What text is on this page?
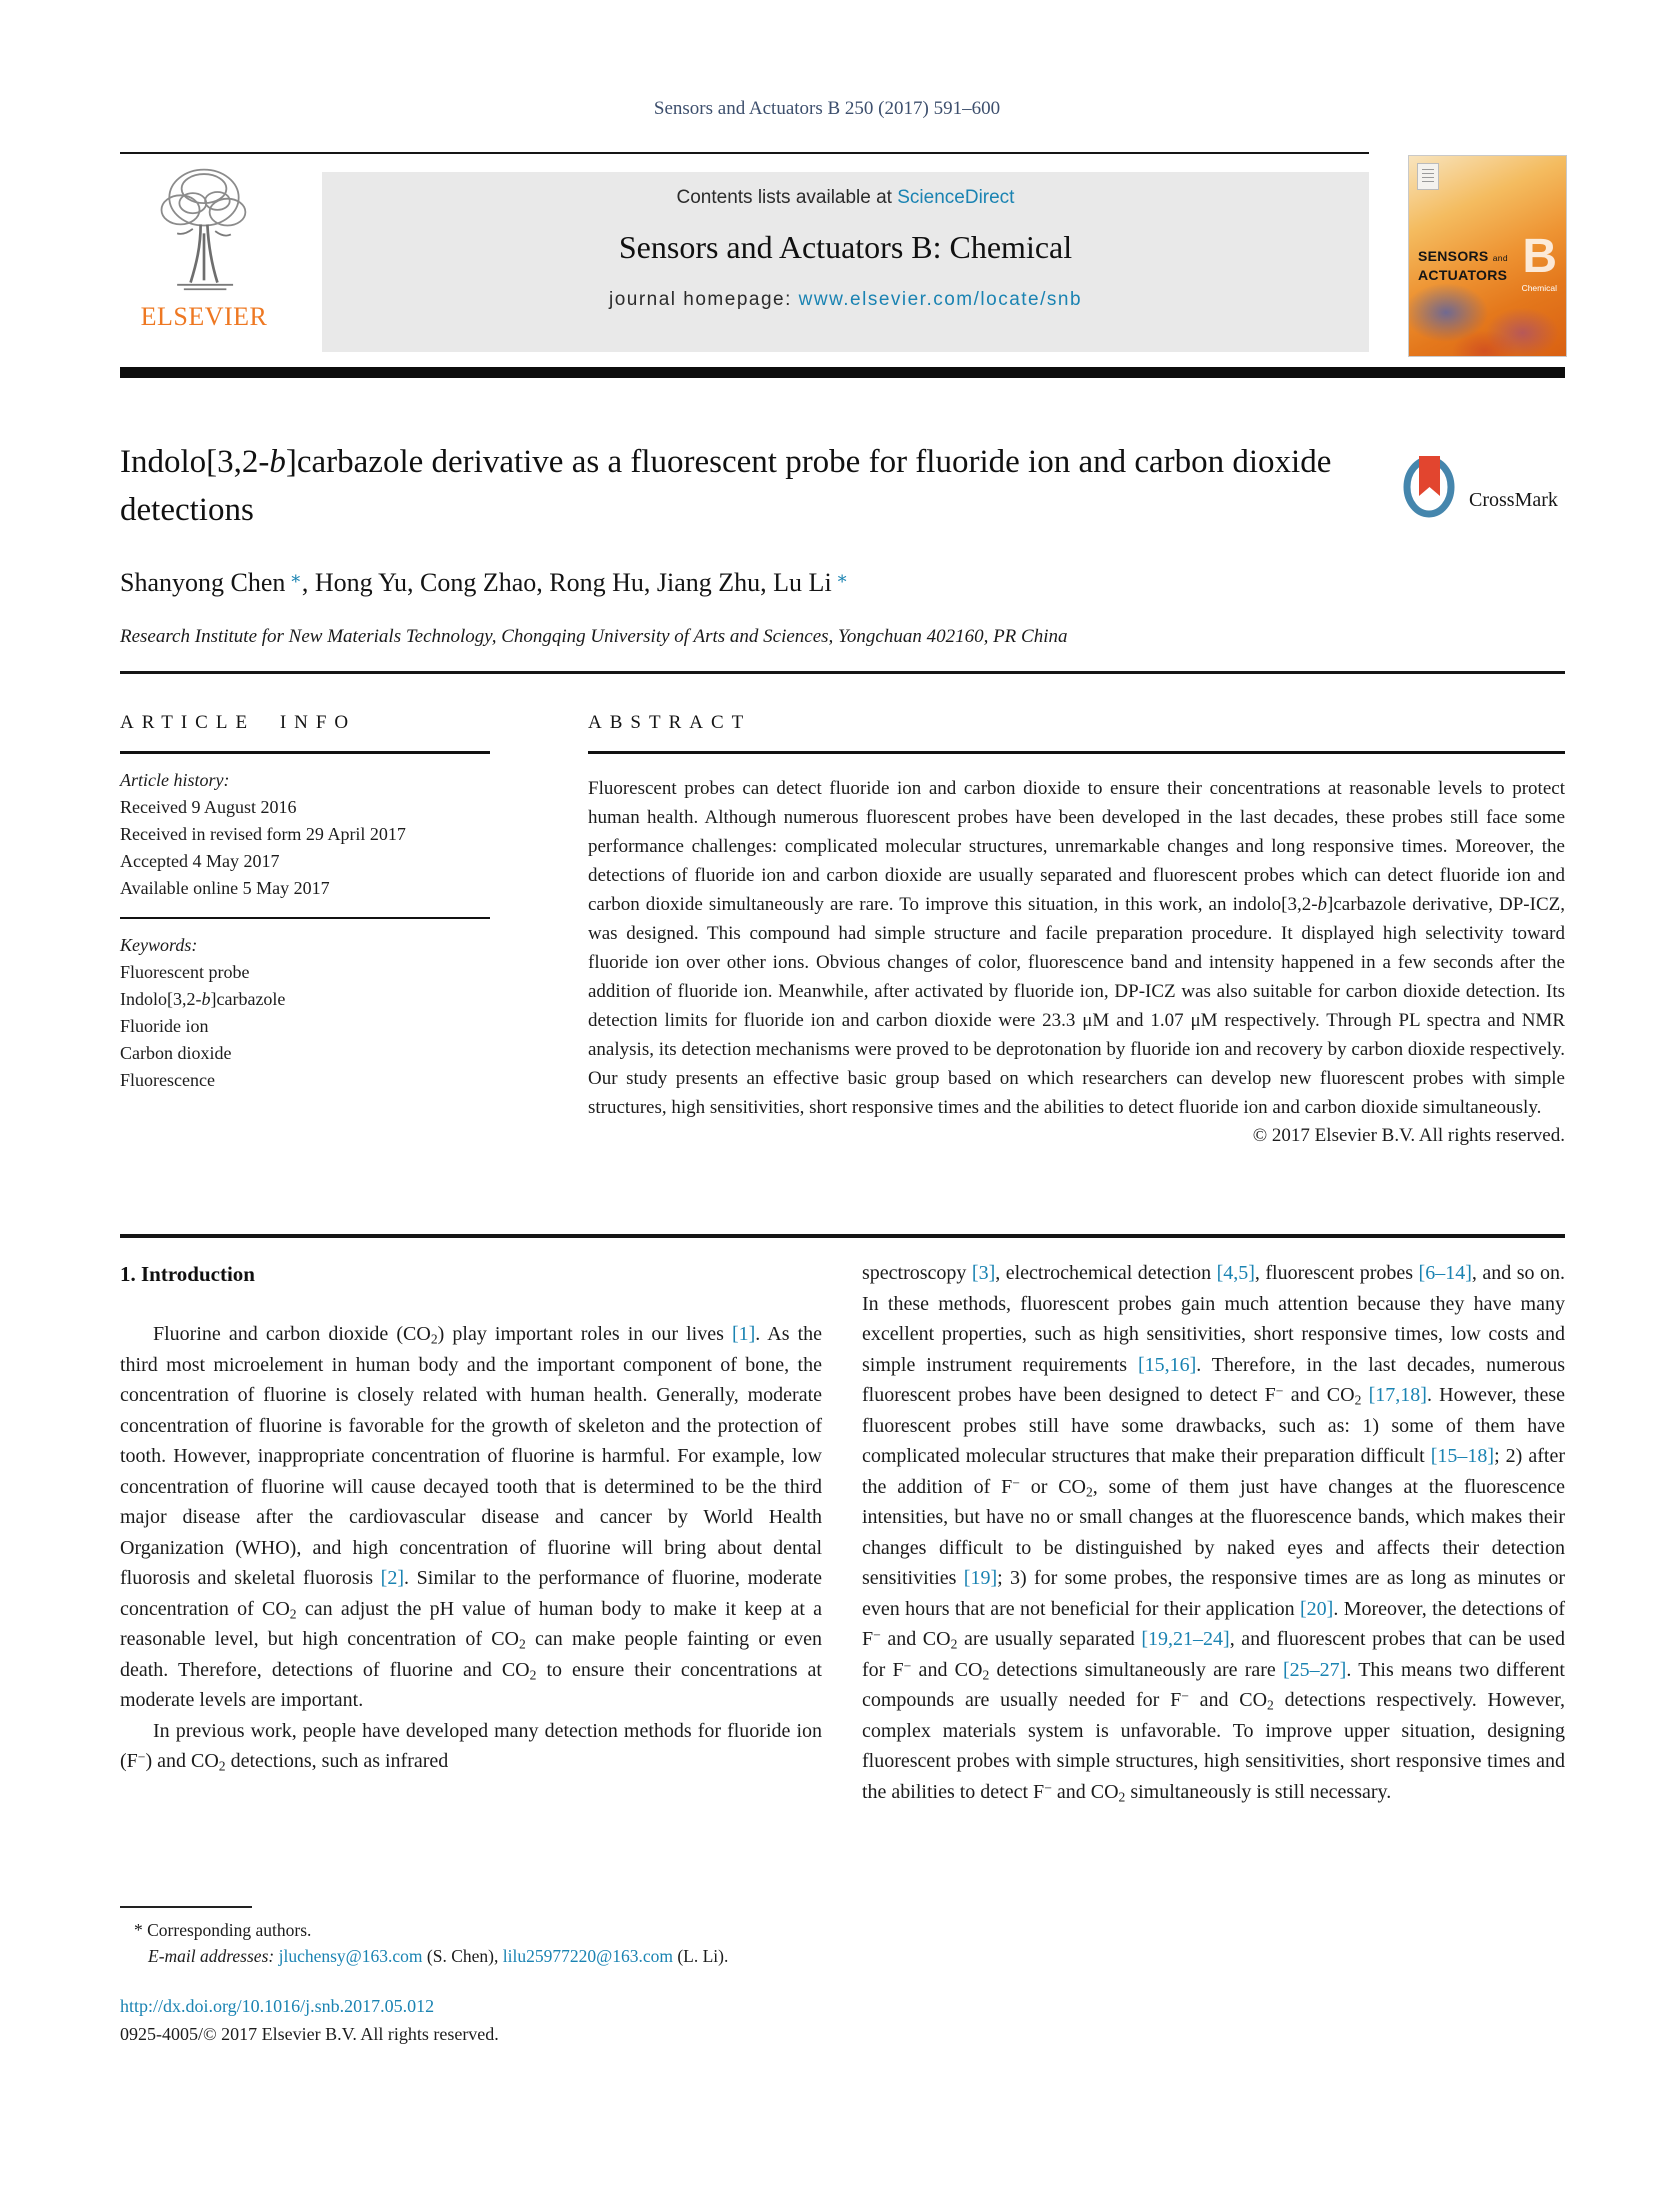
Sensors and Actuators B 250 (2017) 591–600
ELSEVIER
Contents lists available at ScienceDirect
Sensors and Actuators B: Chemical
journal homepage: www.elsevier.com/locate/snb
SENSORS and
ACTUATORS B
Chemical
Indolo[3,2-b]carbazole derivative as a fluorescent probe for fluoride ion and carbon dioxide detections	CrossMark
Shanyong Chen ∗, Hong Yu, Cong Zhao, Rong Hu, Jiang Zhu, Lu Li ∗
Research Institute for New Materials Technology, Chongqing University of Arts and Sciences, Yongchuan 402160, PR China
ARTICLE INFO
Article history:
Received 9 August 2016
Received in revised form 29 April 2017
Accepted 4 May 2017
Available online 5 May 2017
Keywords:
Fluorescent probe
Indolo[3,2-b]carbazole
Fluoride ion
Carbon dioxide
Fluorescence
ABSTRACT

Fluorescent probes can detect fluoride ion and carbon dioxide to ensure their concentrations at reasonable levels to protect human health. Although numerous fluorescent probes have been developed in the last decades, these probes still face some performance challenges: complicated molecular structures, unremarkable changes and long responsive times. Moreover, the detections of fluoride ion and carbon dioxide are usually separated and fluorescent probes which can detect fluoride ion and carbon dioxide simultaneously are rare. To improve this situation, in this work, an indolo[3,2-b]carbazole derivative, DP-ICZ, was designed. This compound had simple structure and facile preparation procedure. It displayed high selectivity toward fluoride ion over other ions. Obvious changes of color, fluorescence band and intensity happened in a few seconds after the addition of fluoride ion. Meanwhile, after activated by fluoride ion, DP-ICZ was also suitable for carbon dioxide detection. Its detection limits for fluoride ion and carbon dioxide were 23.3 μM and 1.07 μM respectively. Through PL spectra and NMR analysis, its detection mechanisms were proved to be deprotonation by fluoride ion and recovery by carbon dioxide respectively. Our study presents an effective basic group based on which researchers can develop new fluorescent probes with simple structures, high sensitivities, short responsive times and the abilities to detect fluoride ion and carbon dioxide simultaneously.

© 2017 Elsevier B.V. All rights reserved.
1. Introduction

Fluorine and carbon dioxide $(CO_2)$ play important roles in our lives [1]. As the third most microelement in human body and the important component of bone, the concentration of fluorine is closely related with human health. Generally, moderate concentration of fluorine is favorable for the growth of skeleton and the protection of tooth. However, inappropriate concentration of fluorine is harmful. For example, low concentration of fluorine will cause decayed tooth that is determined to be the third major disease after the cardiovascular disease and cancer by World Health Organization (WHO), and high concentration of fluorine will bring about dental fluorosis and skeletal fluorosis [2]. Similar to the performance of fluorine, moderate concentration of $CO_2$ can adjust the pH value of human body to make it keep at a reasonable level, but high concentration of $CO_2$ can make people fainting or even death. Therefore, detections of fluorine and $CO_2$ to ensure their concentrations at moderate levels are important.

In previous work, people have developed many detection methods for fluoride ion (F−) and $CO_2$ detections, such as infrared

spectroscopy [3], electrochemical detection [4,5], fluorescent probes [6–14], and so on. In these methods, fluorescent probes gain much attention because they have many excellent properties, such as high sensitivities, short responsive times, low costs and simple instrument requirements [15,16]. Therefore, in the last decades, numerous fluorescent probes have been designed to detect F− and $CO_2$ [17,18]. However, these fluorescent probes still have some drawbacks, such as: 1) some of them have complicated molecular structures that make their preparation difficult [15–18]; 2) after the addition of F− or $CO_2$, some of them just have changes at the fluorescence intensities, but have no or small changes at the fluorescence bands, which makes their changes difficult to be distinguished by naked eyes and affects their detection sensitivities [19]; 3) for some probes, the responsive times are as long as minutes or even hours that are not beneficial for their application [20]. Moreover, the detections of F− and $CO_2$ are usually separated [19,21–24], and fluorescent probes that can be used for F− and $CO_2$ detections simultaneously are rare [25–27]. This means two different compounds are usually needed for F− and $CO_2$ detections respectively. However, complex materials system is unfavorable. To improve upper situation, designing fluorescent probes with simple structures, high sensitivities, short responsive times and the abilities to detect F− and $CO_2$ simultaneously is still necessary.

* Corresponding authors.
E-mail addresses: jluchensy@163.com (S. Chen), lilu25977220@163.com (L. Li).
http://dx.doi.org/10.1016/j.snb.2017.05.012
0925-4005/© 2017 Elsevier B.V. All rights reserved.
